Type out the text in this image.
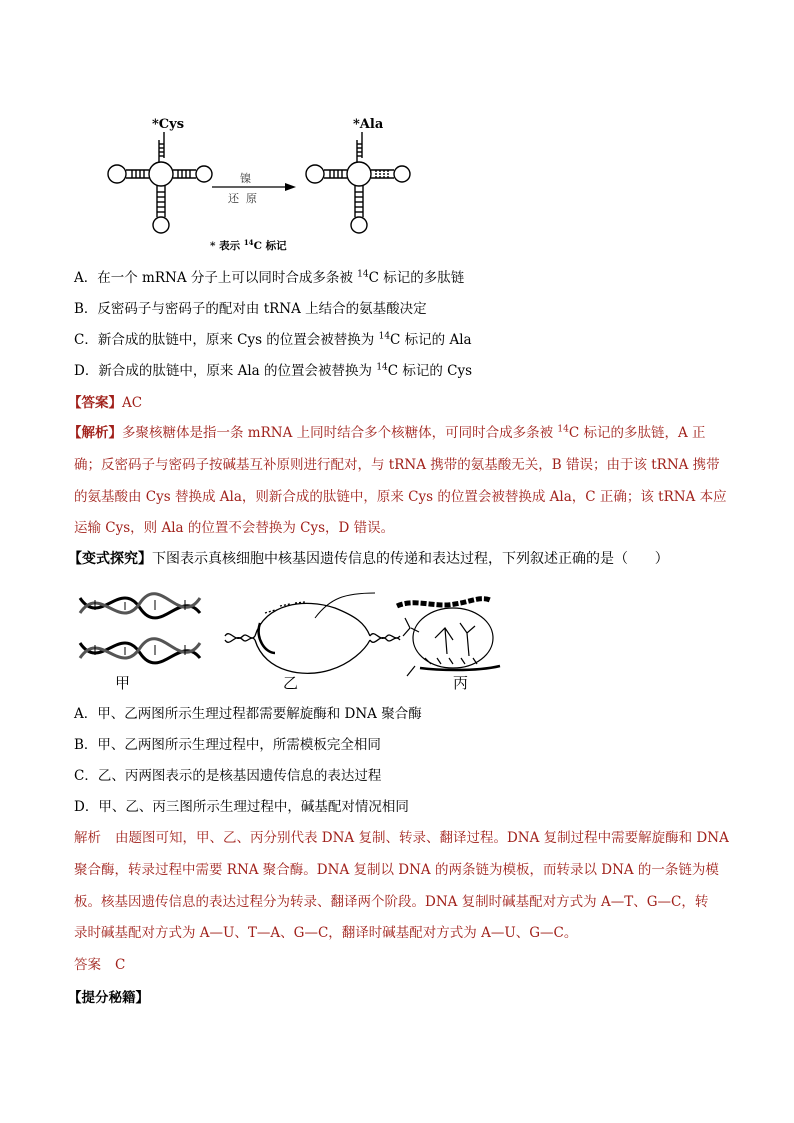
*Cys
镍
还  原
*Ala
* 表示 $^{14}$C 标记
A．在一个 mRNA 分子上可以同时合成多条被 $^{14}$C 标记的多肽链
B．反密码子与密码子的配对由 tRNA 上结合的氨基酸决定
C．新合成的肽链中，原来 Cys 的位置会被替换为 $^{14}$C 标记的 Ala
D．新合成的肽链中，原来 Ala 的位置会被替换为 $^{14}$C 标记的 Cys
【答案】AC
【解析】多聚核糖体是指一条 mRNA 上同时结合多个核糖体，可同时合成多条被 $^{14}$C 标记的多肽链，A 正
确；反密码子与密码子按碱基互补原则进行配对，与 tRNA 携带的氨基酸无关，B 错误；由于该 tRNA 携带
的氨基酸由 Cys 替换成 Ala，则新合成的肽链中，原来 Cys 的位置会被替换成 Ala，C 正确；该 tRNA 本应
运输 Cys，则 Ala 的位置不会替换为 Cys，D 错误。
【变式探究】下图表示真核细胞中核基因遗传信息的传递和表达过程，下列叙述正确的是（      ）
甲	乙	丙
A．甲、乙两图所示生理过程都需要解旋酶和 DNA 聚合酶
B．甲、乙两图所示生理过程中，所需模板完全相同
C．乙、丙两图表示的是核基因遗传信息的表达过程
D．甲、乙、丙三图所示生理过程中，碱基配对情况相同
解析 由题图可知，甲、乙、丙分别代表 DNA 复制、转录、翻译过程。DNA 复制过程中需要解旋酶和 DNA
聚合酶，转录过程中需要 RNA 聚合酶。DNA 复制以 DNA 的两条链为模板，而转录以 DNA 的一条链为模
板。核基因遗传信息的表达过程分为转录、翻译两个阶段。DNA 复制时碱基配对方式为 A—T、G—C，转
录时碱基配对方式为 A—U、T—A、G—C，翻译时碱基配对方式为 A—U、G—C。
答案 C
【提分秘籍】
